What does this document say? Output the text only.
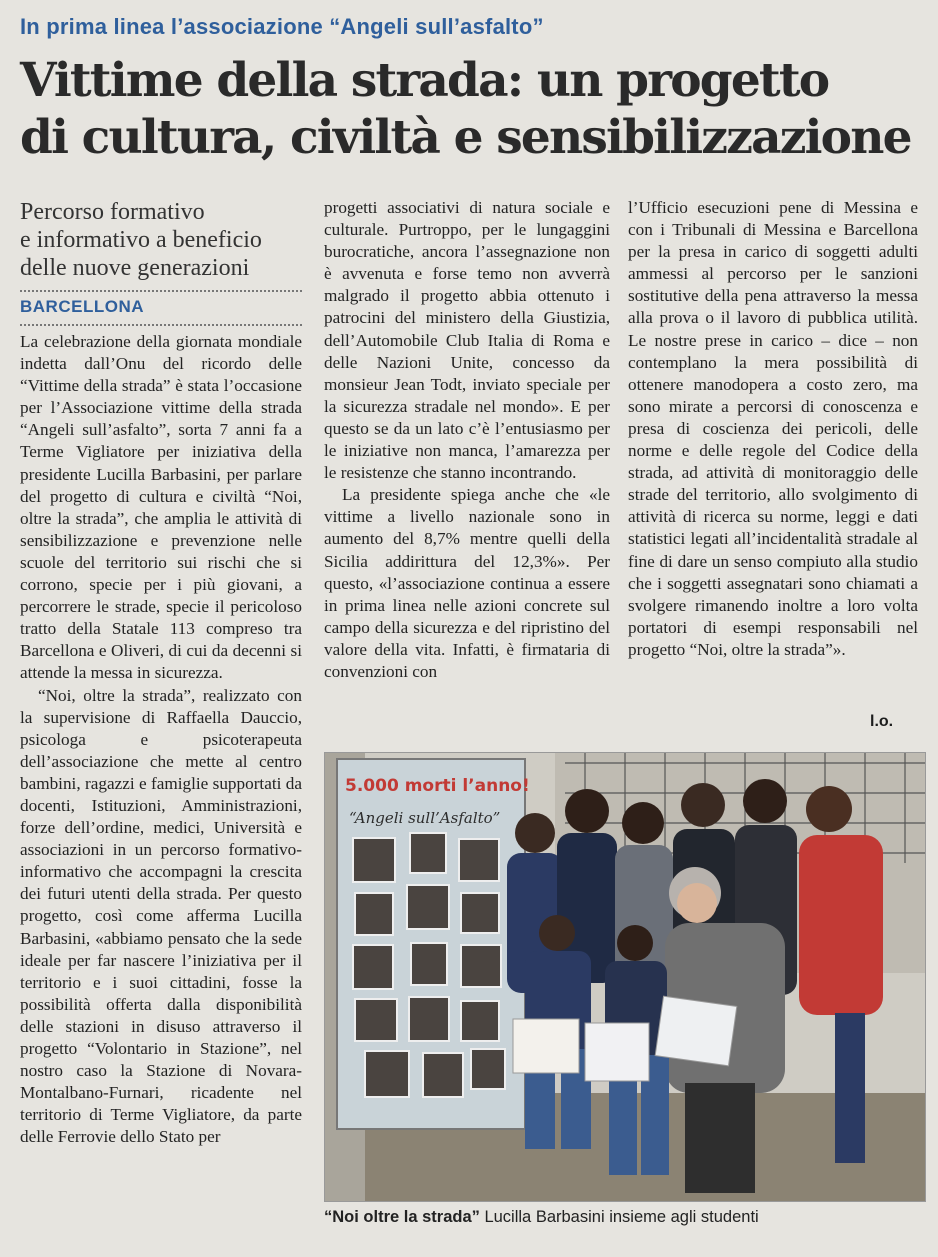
In prima linea l’associazione “Angeli sull’asfalto”
Vittime della strada: un progetto
di cultura, civiltà e sensibilizzazione
Percorso formativo
e informativo a beneficio
delle nuove generazioni
BARCELLONA

La celebrazione della giornata mondiale indetta dall’Onu del ricordo delle “Vittime della strada” è stata l’occasione per l’Associazione vittime della strada “Angeli sull’asfalto”, sorta 7 anni fa a Terme Vigliatore per iniziativa della presidente Lucilla Barbasini, per parlare del progetto di cultura e civiltà “Noi, oltre la strada”, che amplia le attività di sensibilizzazione e prevenzione nelle scuole del territorio sui rischi che si corrono, specie per i più giovani, a percorrere le strade, specie il pericoloso tratto della Statale 113 compreso tra Barcellona e Oliveri, di cui da decenni si attende la messa in sicurezza.

“Noi, oltre la strada”, realizzato con la supervisione di Raffaella Dauccio, psicologa e psicoterapeuta dell’associazione che mette al centro bambini, ragazzi e famiglie supportati da docenti, Istituzioni, Amministrazioni, forze dell’ordine, medici, Università e associazioni in un percorso formativo-informativo che accompagni la crescita dei futuri utenti della strada. Per questo progetto, così come afferma Lucilla Barbasini, «abbiamo pensato che la sede ideale per far nascere l’iniziativa per il territorio e i suoi cittadini, fosse la possibilità offerta dalla disponibilità delle stazioni in disuso attraverso il progetto “Volontario in Stazione”, nel nostro caso la Stazione di Novara-Montalbano-Furnari, ricadente nel territorio di Terme Vigliatore, da parte delle Ferrovie dello Stato per

progetti associativi di natura sociale e culturale. Purtroppo, per le lungaggini burocratiche, ancora l’assegnazione non è avvenuta e forse temo non avverrà malgrado il progetto abbia ottenuto i patrocini del ministero della Giustizia, dell’Automobile Club Italia di Roma e delle Nazioni Unite, concesso da monsieur Jean Todt, inviato speciale per la sicurezza stradale nel mondo». E per questo se da un lato c’è l’entusiasmo per le iniziative non manca, l’amarezza per le resistenze che stanno incontrando.

La presidente spiega anche che «le vittime a livello nazionale sono in aumento del 8,7% mentre quelli della Sicilia addirittura del 12,3%». Per questo, «l’associazione continua a essere in prima linea nelle azioni concrete sul campo della sicurezza e del ripristino del valore della vita. Infatti, è firmataria di convenzioni con

l’Ufficio esecuzioni pene di Messina e con i Tribunali di Messina e Barcellona per la presa in carico di soggetti adulti ammessi al percorso per le sanzioni sostitutive della pena attraverso la messa alla prova o il lavoro di pubblica utilità. Le nostre prese in carico – dice – non contemplano la mera possibilità di ottenere manodopera a costo zero, ma sono mirate a percorsi di conoscenza e presa di coscienza dei pericoli, delle norme e delle regole del Codice della strada, ad attività di monitoraggio delle strade del territorio, allo svolgimento di attività di ricerca su norme, leggi e dati statistici legati all’incidentalità stradale al fine di dare un senso compiuto alla studio che i soggetti assegnatari sono chiamati a svolgere rimanendo inoltre a loro volta portatori di esempi responsabili nel progetto “Noi, oltre la strada”».

l.o.
5.000 morti l’anno!
“Angeli sull’Asfalto”
“Noi oltre la strada” Lucilla Barbasini insieme agli studenti
